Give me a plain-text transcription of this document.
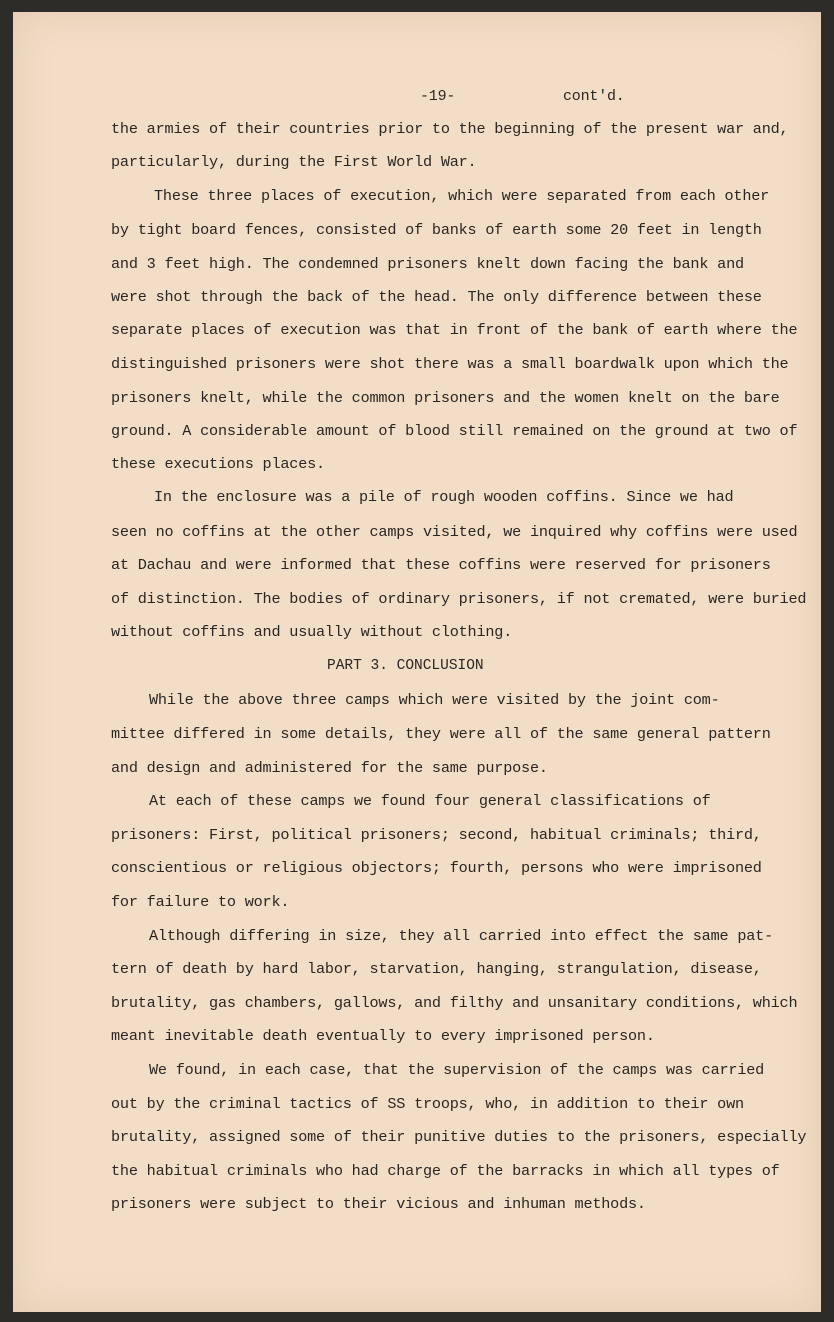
-19-	cont'd.
the armies of their countries prior to the beginning of the present war and,
particularly, during the First World War.
These three places of execution, which were separated from each other
by tight board fences, consisted of banks of earth some 20 feet in length
and 3 feet high. The condemned prisoners knelt down facing the bank and
were shot through the back of the head. The only difference between these
separate places of execution was that in front of the bank of earth where the
distinguished prisoners were shot there was a small boardwalk upon which the
prisoners knelt, while the common prisoners and the women knelt on the bare
ground. A considerable amount of blood still remained on the ground at two of
these executions places.
In the enclosure was a pile of rough wooden coffins. Since we had
seen no coffins at the other camps visited, we inquired why coffins were used
at Dachau and were informed that these coffins were reserved for prisoners
of distinction. The bodies of ordinary prisoners, if not cremated, were buried
without coffins and usually without clothing.
PART 3. CONCLUSION
While the above three camps which were visited by the joint com-
mittee differed in some details, they were all of the same general pattern
and design and administered for the same purpose.
At each of these camps we found four general classifications of
prisoners: First, political prisoners; second, habitual criminals; third,
conscientious or religious objectors; fourth, persons who were imprisoned
for failure to work.
Although differing in size, they all carried into effect the same pat-
tern of death by hard labor, starvation, hanging, strangulation, disease,
brutality, gas chambers, gallows, and filthy and unsanitary conditions, which
meant inevitable death eventually to every imprisoned person.
We found, in each case, that the supervision of the camps was carried
out by the criminal tactics of SS troops, who, in addition to their own
brutality, assigned some of their punitive duties to the prisoners, especially
the habitual criminals who had charge of the barracks in which all types of
prisoners were subject to their vicious and inhuman methods.
